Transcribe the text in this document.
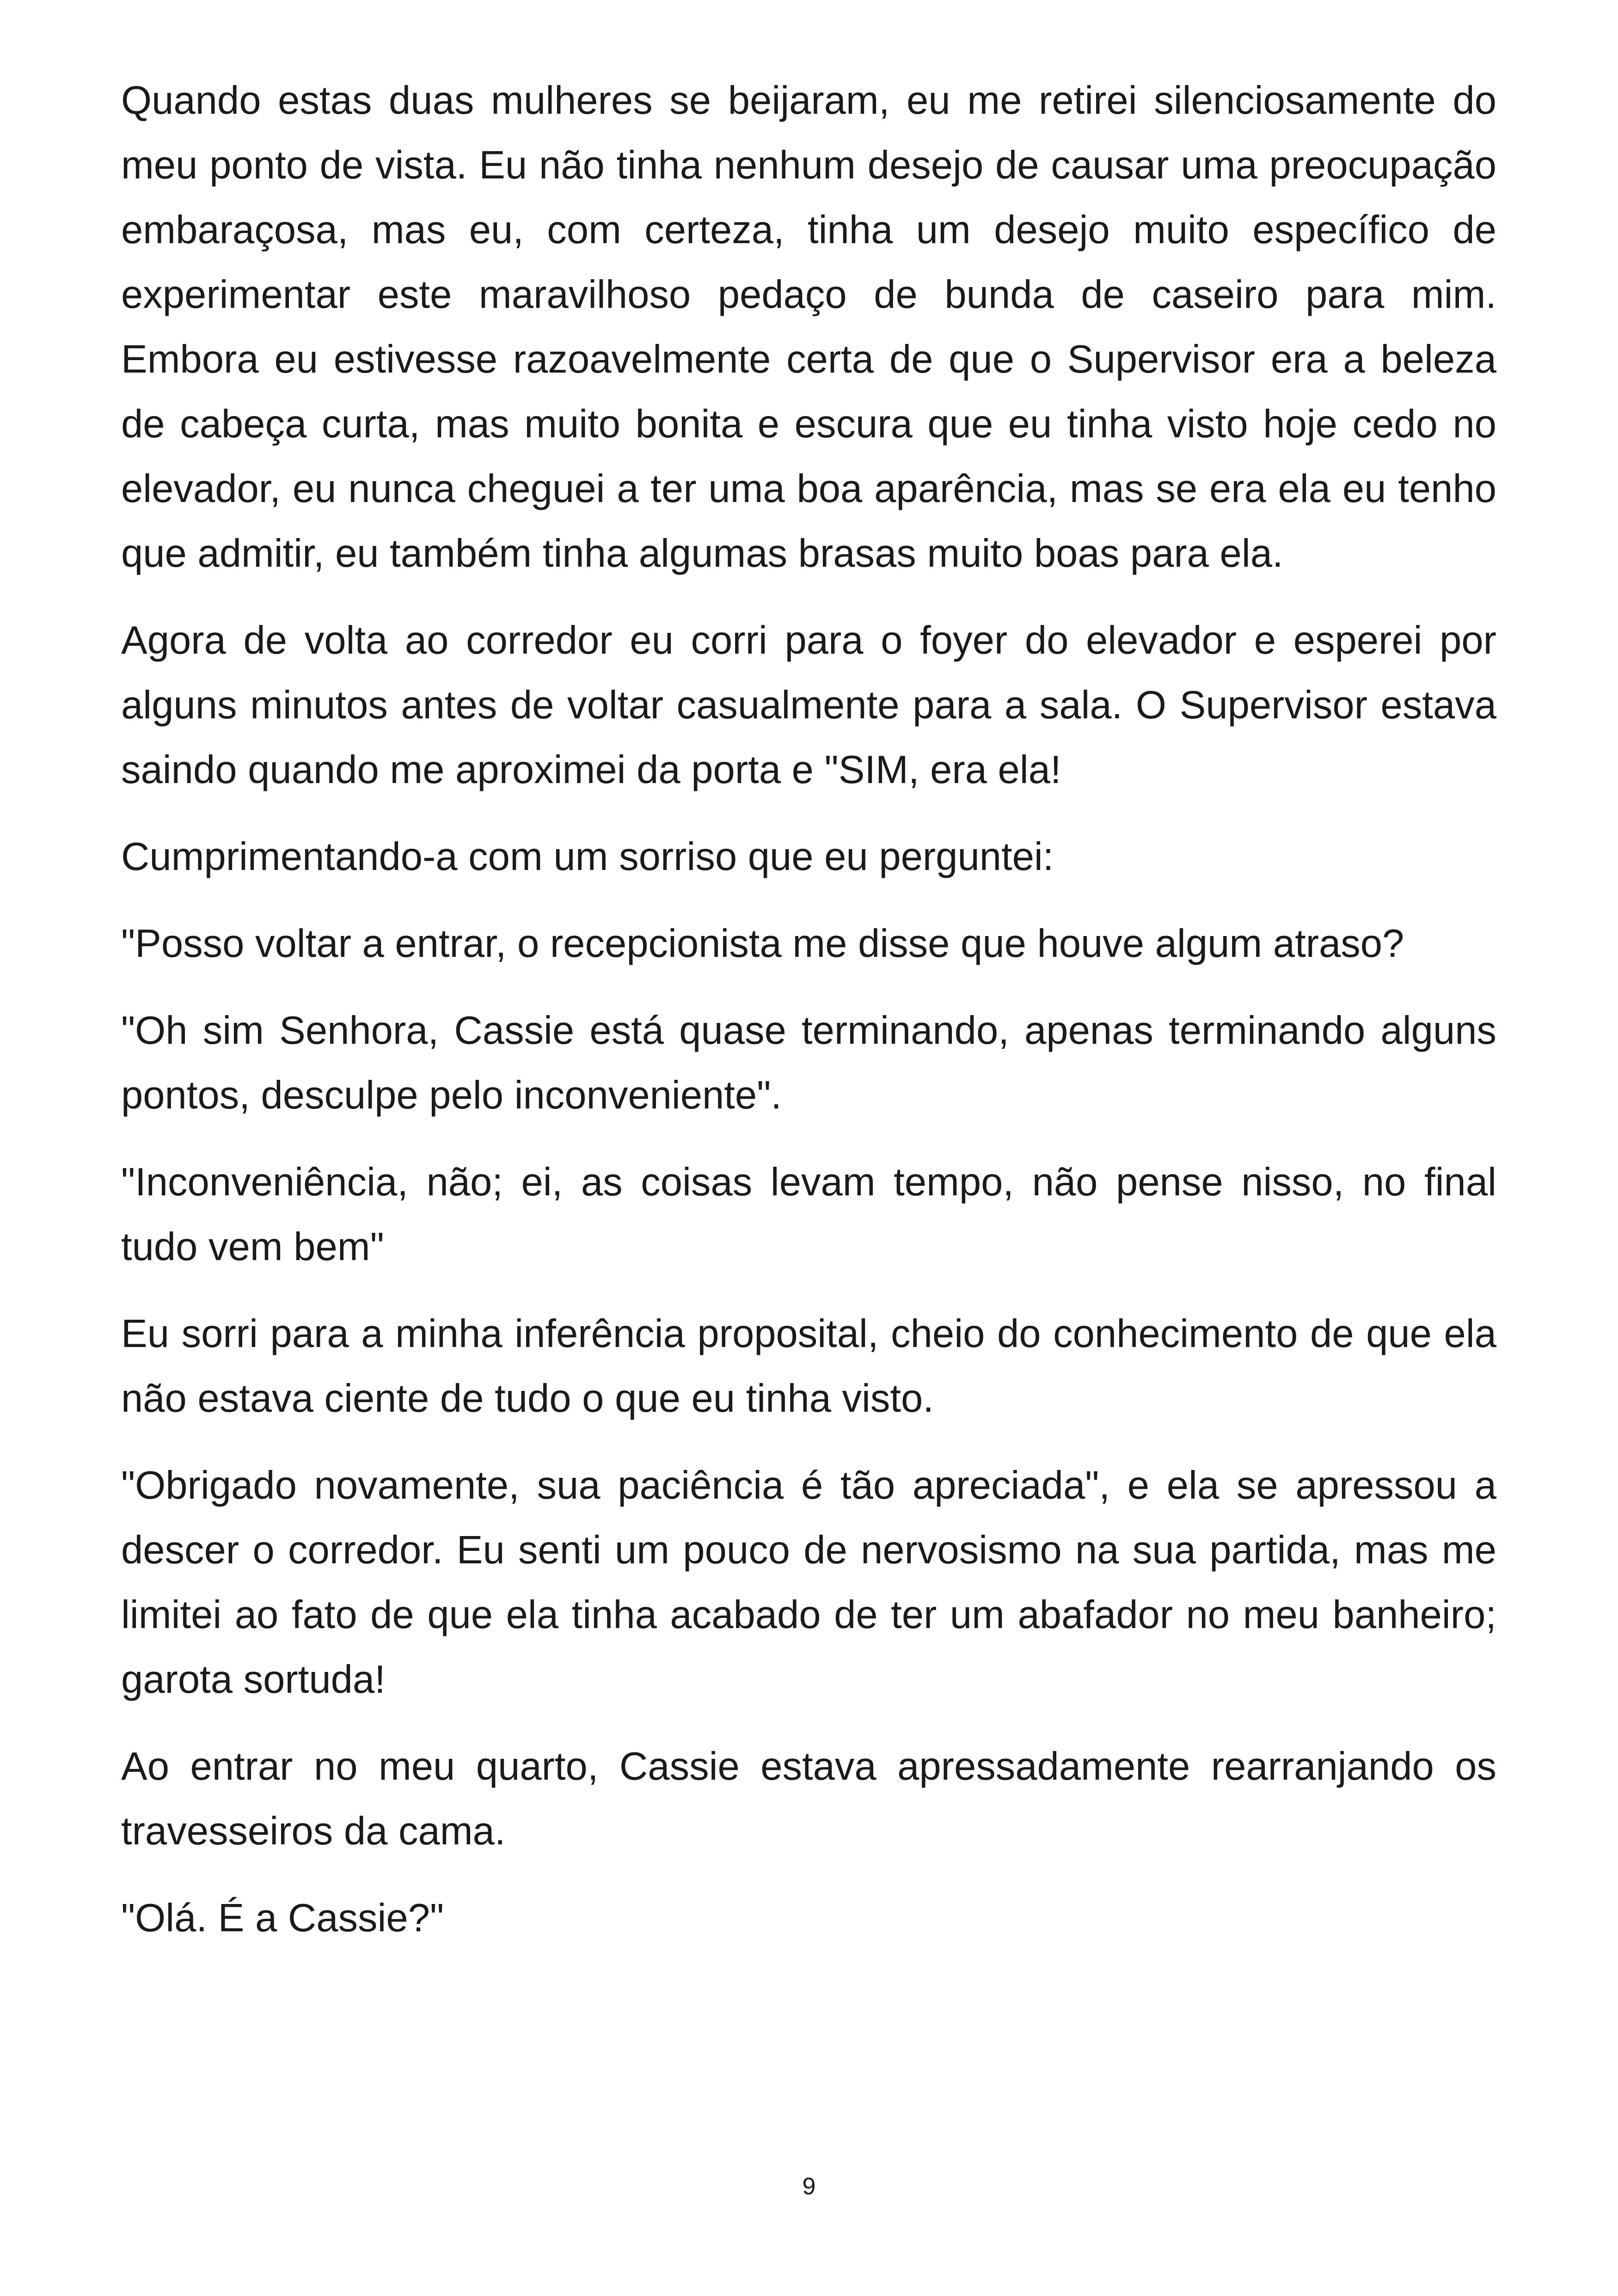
Quando estas duas mulheres se beijaram, eu me retirei silenciosamente do meu ponto de vista. Eu não tinha nenhum desejo de causar uma preocupação embaraçosa, mas eu, com certeza, tinha um desejo muito específico de experimentar este maravilhoso pedaço de bunda de caseiro para mim. Embora eu estivesse razoavelmente certa de que o Supervisor era a beleza de cabeça curta, mas muito bonita e escura que eu tinha visto hoje cedo no elevador, eu nunca cheguei a ter uma boa aparência, mas se era ela eu tenho que admitir, eu também tinha algumas brasas muito boas para ela.

Agora de volta ao corredor eu corri para o foyer do elevador e esperei por alguns minutos antes de voltar casualmente para a sala. O Supervisor estava saindo quando me aproximei da porta e "SIM, era ela!

Cumprimentando-a com um sorriso que eu perguntei:

"Posso voltar a entrar, o recepcionista me disse que houve algum atraso?

"Oh sim Senhora, Cassie está quase terminando, apenas terminando alguns pontos, desculpe pelo inconveniente".

"Inconveniência, não; ei, as coisas levam tempo, não pense nisso, no final tudo vem bem"

Eu sorri para a minha inferência proposital, cheio do conhecimento de que ela não estava ciente de tudo o que eu tinha visto.

"Obrigado novamente, sua paciência é tão apreciada", e ela se apressou a descer o corredor. Eu senti um pouco de nervosismo na sua partida, mas me limitei ao fato de que ela tinha acabado de ter um abafador no meu banheiro; garota sortuda!

Ao entrar no meu quarto, Cassie estava apressadamente rearranjando os travesseiros da cama.

"Olá. É a Cassie?"

9
